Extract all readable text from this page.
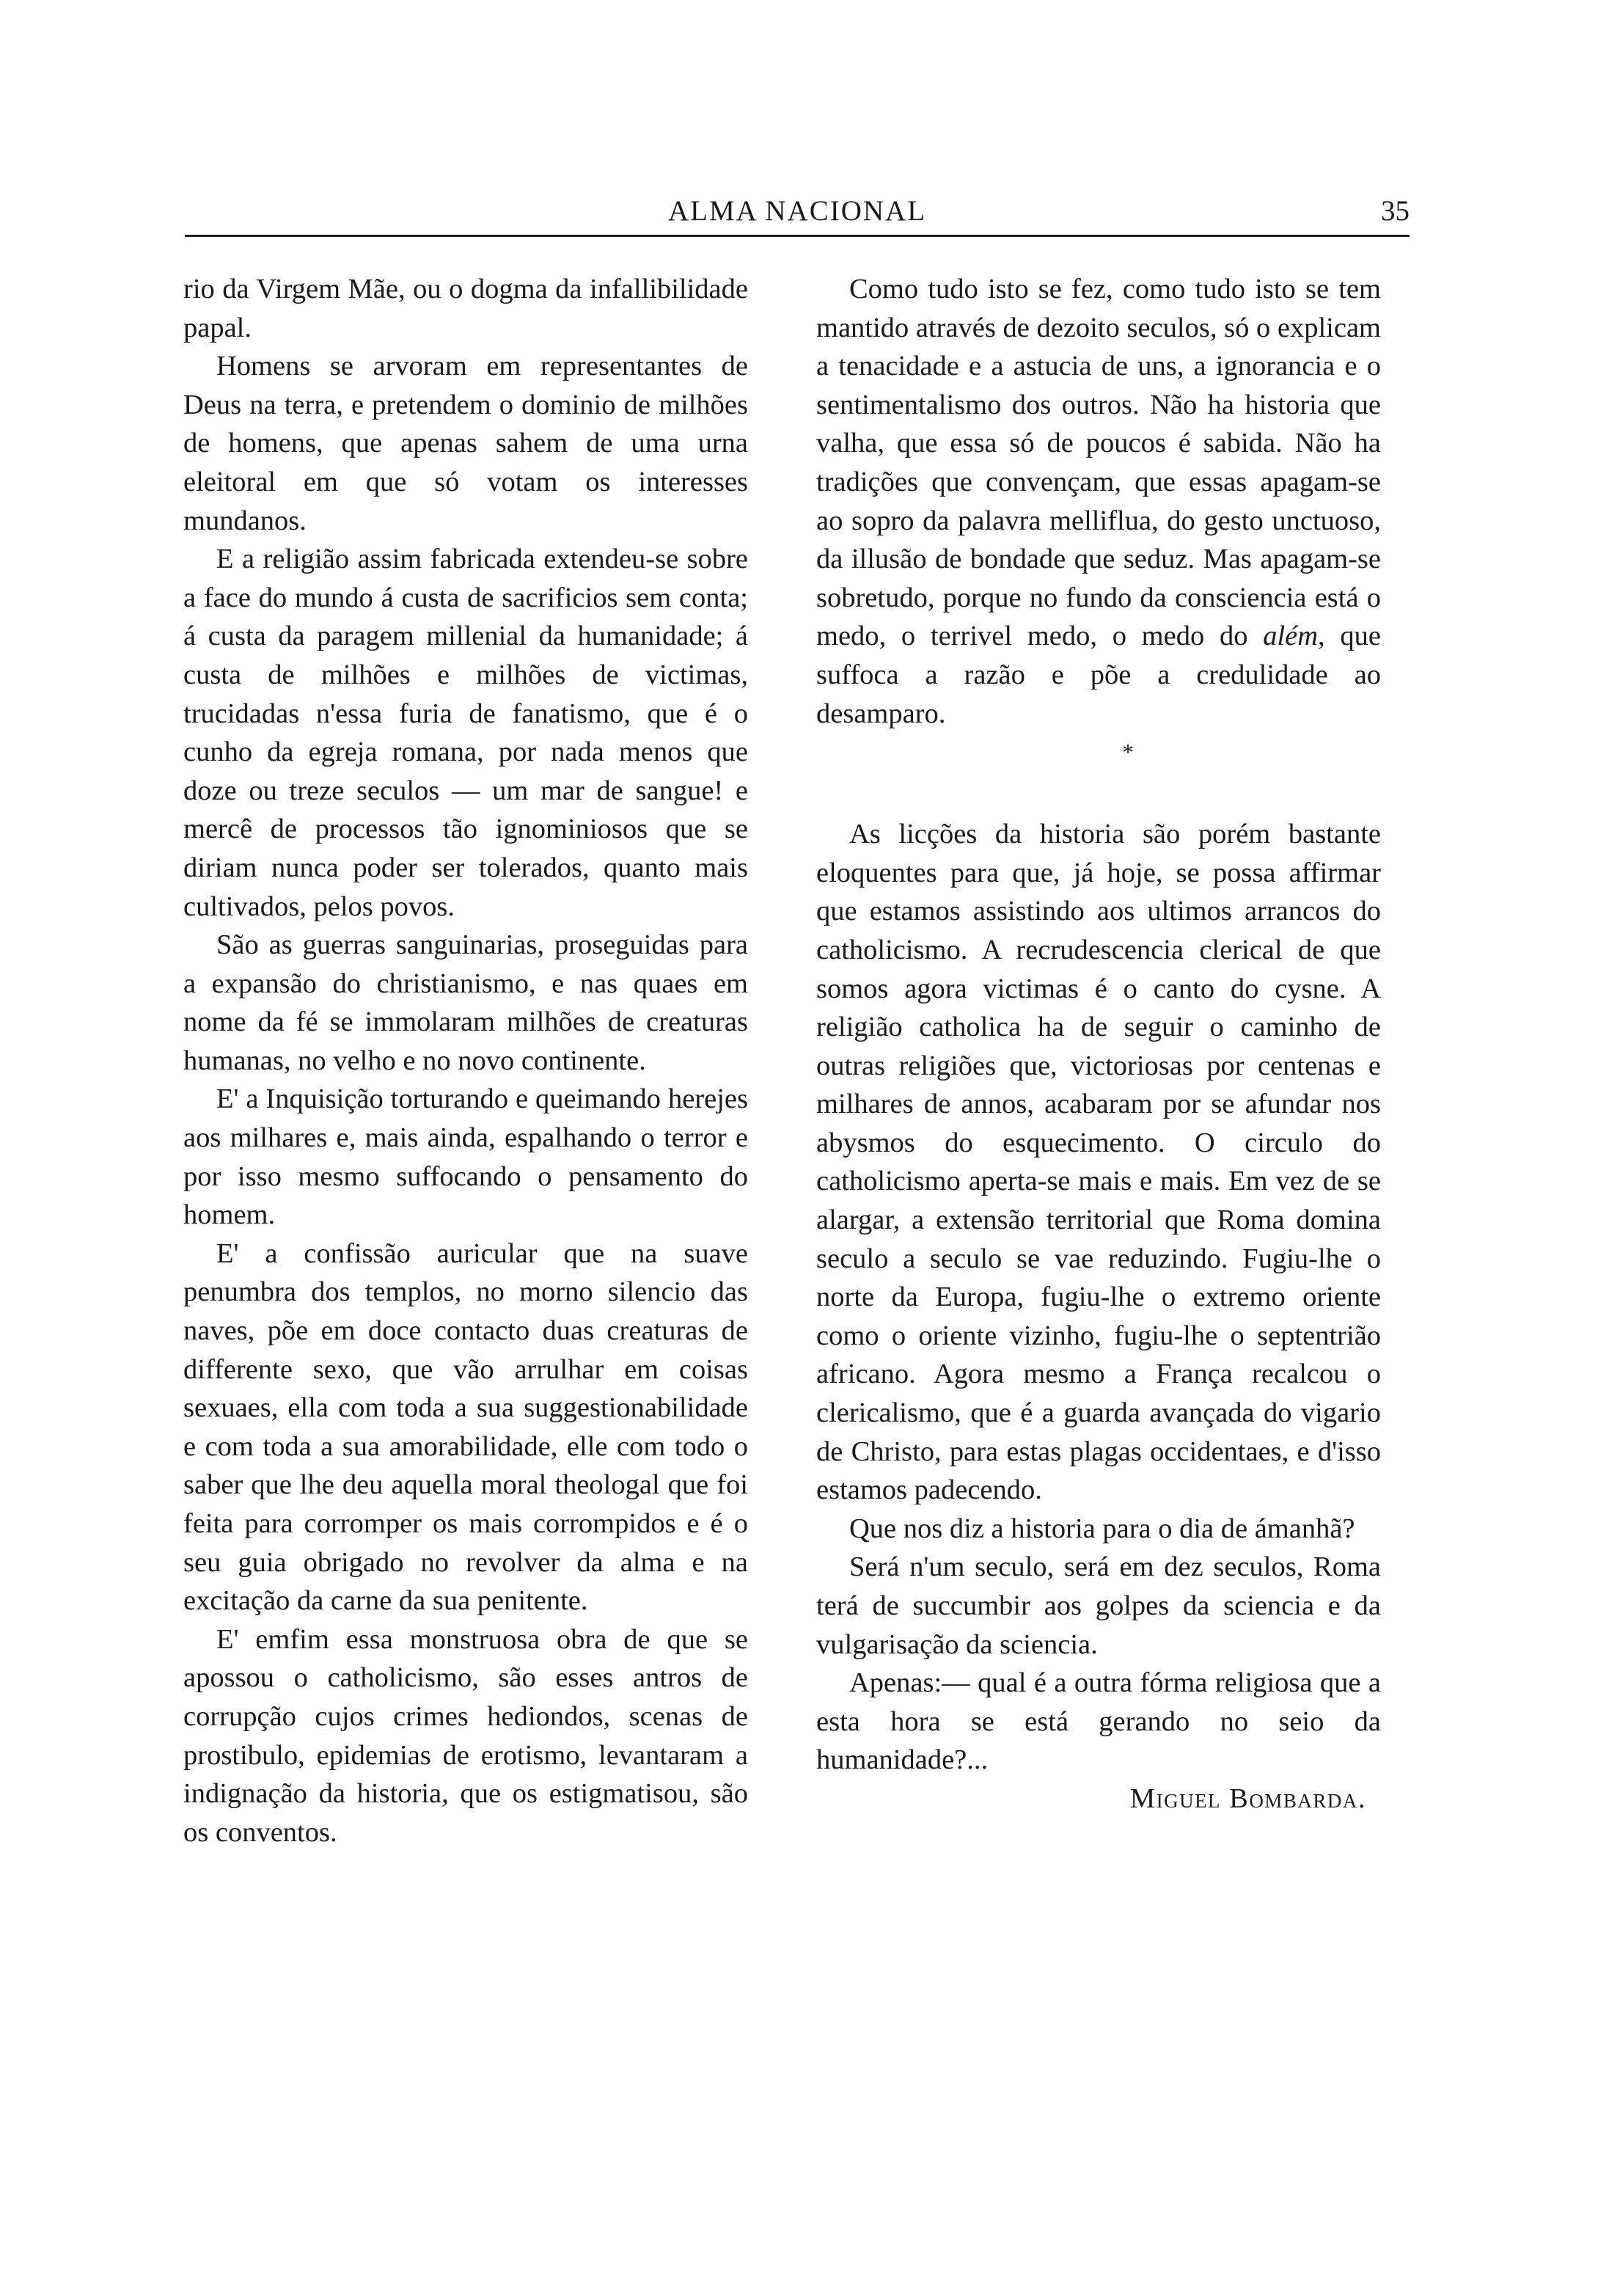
ALMA NACIONAL	35

rio da Virgem Mãe, ou o dogma da infallibilidade papal.

Homens se arvoram em representantes de Deus na terra, e pretendem o dominio de milhões de homens, que apenas sahem de uma urna eleitoral em que só votam os interesses mundanos.

E a religião assim fabricada extendeu-se sobre a face do mundo á custa de sacrificios sem conta; á custa da paragem millenial da humanidade; á custa de milhões e milhões de victimas, trucidadas n'essa furia de fanatismo, que é o cunho da egreja romana, por nada menos que doze ou treze seculos — um mar de sangue! e mercê de processos tão ignominiosos que se diriam nunca poder ser tolerados, quanto mais cultivados, pelos povos.

São as guerras sanguinarias, proseguidas para a expansão do christianismo, e nas quaes em nome da fé se immolaram milhões de creaturas humanas, no velho e no novo continente.

E' a Inquisição torturando e queimando herejes aos milhares e, mais ainda, espalhando o terror e por isso mesmo suffocando o pensamento do homem.

E' a confissão auricular que na suave penumbra dos templos, no morno silencio das naves, põe em doce contacto duas creaturas de differente sexo, que vão arrulhar em coisas sexuaes, ella com toda a sua suggestionabilidade e com toda a sua amorabilidade, elle com todo o saber que lhe deu aquella moral theologal que foi feita para corromper os mais corrompidos e é o seu guia obrigado no revolver da alma e na excitação da carne da sua penitente.

E' emfim essa monstruosa obra de que se apossou o catholicismo, são esses antros de corrupção cujos crimes hediondos, scenas de prostibulo, epidemias de erotismo, levantaram a indignação da historia, que os estigmatisou, são os conventos.

Como tudo isto se fez, como tudo isto se tem mantido através de dezoito seculos, só o explicam a tenacidade e a astucia de uns, a ignorancia e o sentimentalismo dos outros. Não ha historia que valha, que essa só de poucos é sabida. Não ha tradições que convençam, que essas apagam-se ao sopro da palavra melliflua, do gesto unctuoso, da illusão de bondade que seduz. Mas apagam-se sobretudo, porque no fundo da consciencia está o medo, o terrivel medo, o medo do além, que suffoca a razão e põe a credulidade ao desamparo.

*

As licções da historia são porém bastante eloquentes para que, já hoje, se possa affirmar que estamos assistindo aos ultimos arrancos do catholicismo. A recrudescencia clerical de que somos agora victimas é o canto do cysne. A religião catholica ha de seguir o caminho de outras religiões que, victoriosas por centenas e milhares de annos, acabaram por se afundar nos abysmos do esquecimento. O circulo do catholicismo aperta-se mais e mais. Em vez de se alargar, a extensão territorial que Roma domina seculo a seculo se vae reduzindo. Fugiu-lhe o norte da Europa, fugiu-lhe o extremo oriente como o oriente vizinho, fugiu-lhe o septentrião africano. Agora mesmo a França recalcou o clericalismo, que é a guarda avançada do vigario de Christo, para estas plagas occidentaes, e d'isso estamos padecendo.

Que nos diz a historia para o dia de ámanhã?

Será n'um seculo, será em dez seculos, Roma terá de succumbir aos golpes da sciencia e da vulgarisação da sciencia.

Apenas:— qual é a outra fórma religiosa que a esta hora se está gerando no seio da humanidade?...

Miguel Bombarda.
